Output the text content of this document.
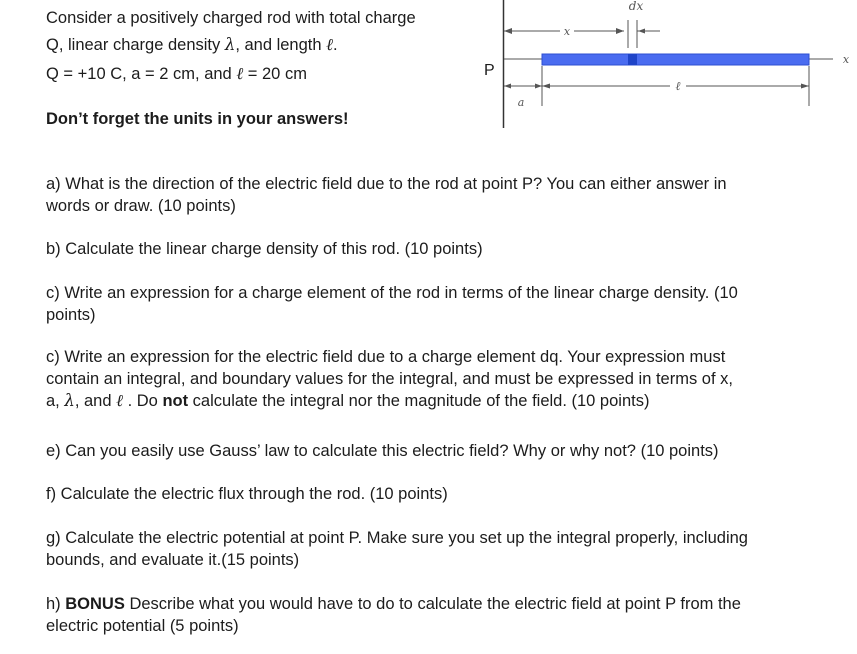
Consider a positively charged rod with total charge

Q, linear charge density λ, and length ℓ.

Q = +10 C, a = 2 cm, and ℓ = 20 cm

Don’t forget the units in your answers!

x
dx
x
a
ℓ
P
a) What is the direction of the electric field due to the rod at point P? You can either answer in
words or draw. (10 points)
b) Calculate the linear charge density of this rod. (10 points)
c) Write an expression for a charge element of the rod in terms of the linear charge density. (10
points)
c) Write an expression for the electric field due to a charge element dq. Your expression must
contain an integral, and boundary values for the integral, and must be expressed in terms of x,
a, λ, and ℓ . Do not calculate the integral nor the magnitude of the field. (10 points)
e) Can you easily use Gauss’ law to calculate this electric field? Why or why not? (10 points)
f) Calculate the electric flux through the rod. (10 points)
g) Calculate the electric potential at point P. Make sure you set up the integral properly, including
bounds, and evaluate it.(15 points)
h) BONUS Describe what you would have to do to calculate the electric field at point P from the
electric potential (5 points)
